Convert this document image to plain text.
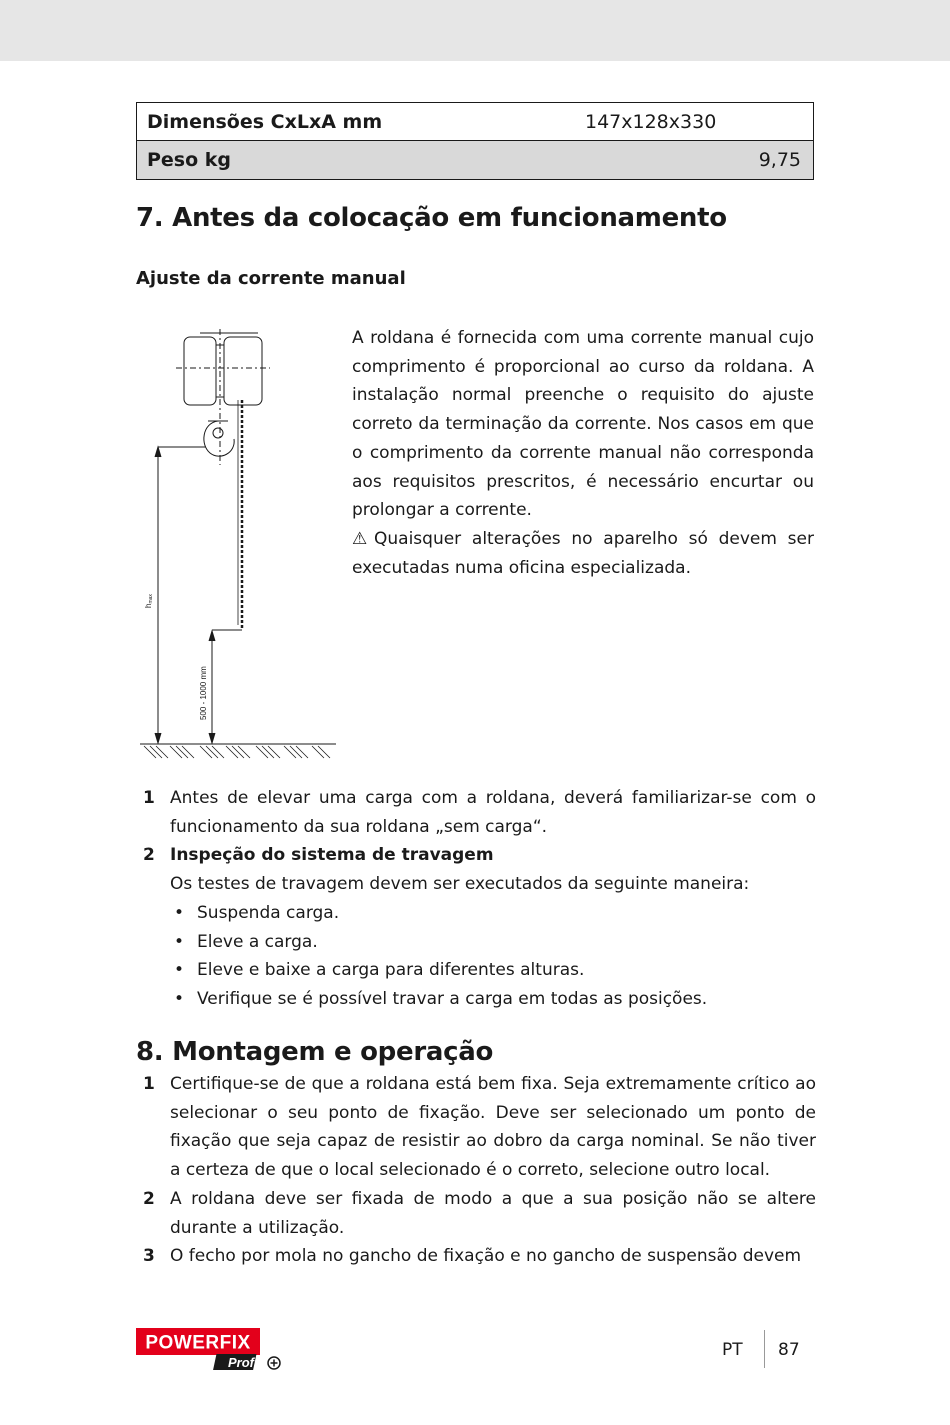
Dimensões CxLxA mm	147x128x330
Peso kg	9,75
7. Antes da colocação em funcionamento
Ajuste da corrente manual
hmax
500 - 1000 mm

A roldana é fornecida com uma corrente manual cujo comprimento é proporcional ao curso da roldana. A instalação normal preenche o requisito do ajuste correto da terminação da corrente. Nos casos em que o comprimento da corrente manual não corresponda aos requisitos prescritos, é necessário encurtar ou prolongar a corrente.

⚠ Quaisquer alterações no aparelho só devem ser executadas numa oficina especializada.

1 Antes de elevar uma carga com a roldana, deverá familiarizar-se com o funcionamento da sua roldana „sem carga“.
2 Inspeção do sistema de travagem
Os testes de travagem devem ser executados da seguinte maneira:
• Suspenda carga.
• Eleve a carga.
• Eleve e baixe a carga para diferentes alturas.
• Verifique se é possível travar a carga em todas as posições.
8. Montagem e operação
1 Certifique-se de que a roldana está bem fixa. Seja extremamente crítico ao selecionar o seu ponto de fixação. Deve ser selecionado um ponto de fixação que seja capaz de resistir ao dobro da carga nominal. Se não tiver a certeza de que o local selecionado é o correto, selecione outro local.
2 A roldana deve ser fixada de modo a que a sua posição não se altere durante a utilização.
3 O fecho por mola no gancho de fixação e no gancho de suspensão devem
POWERFIX
Profi
PT 87
